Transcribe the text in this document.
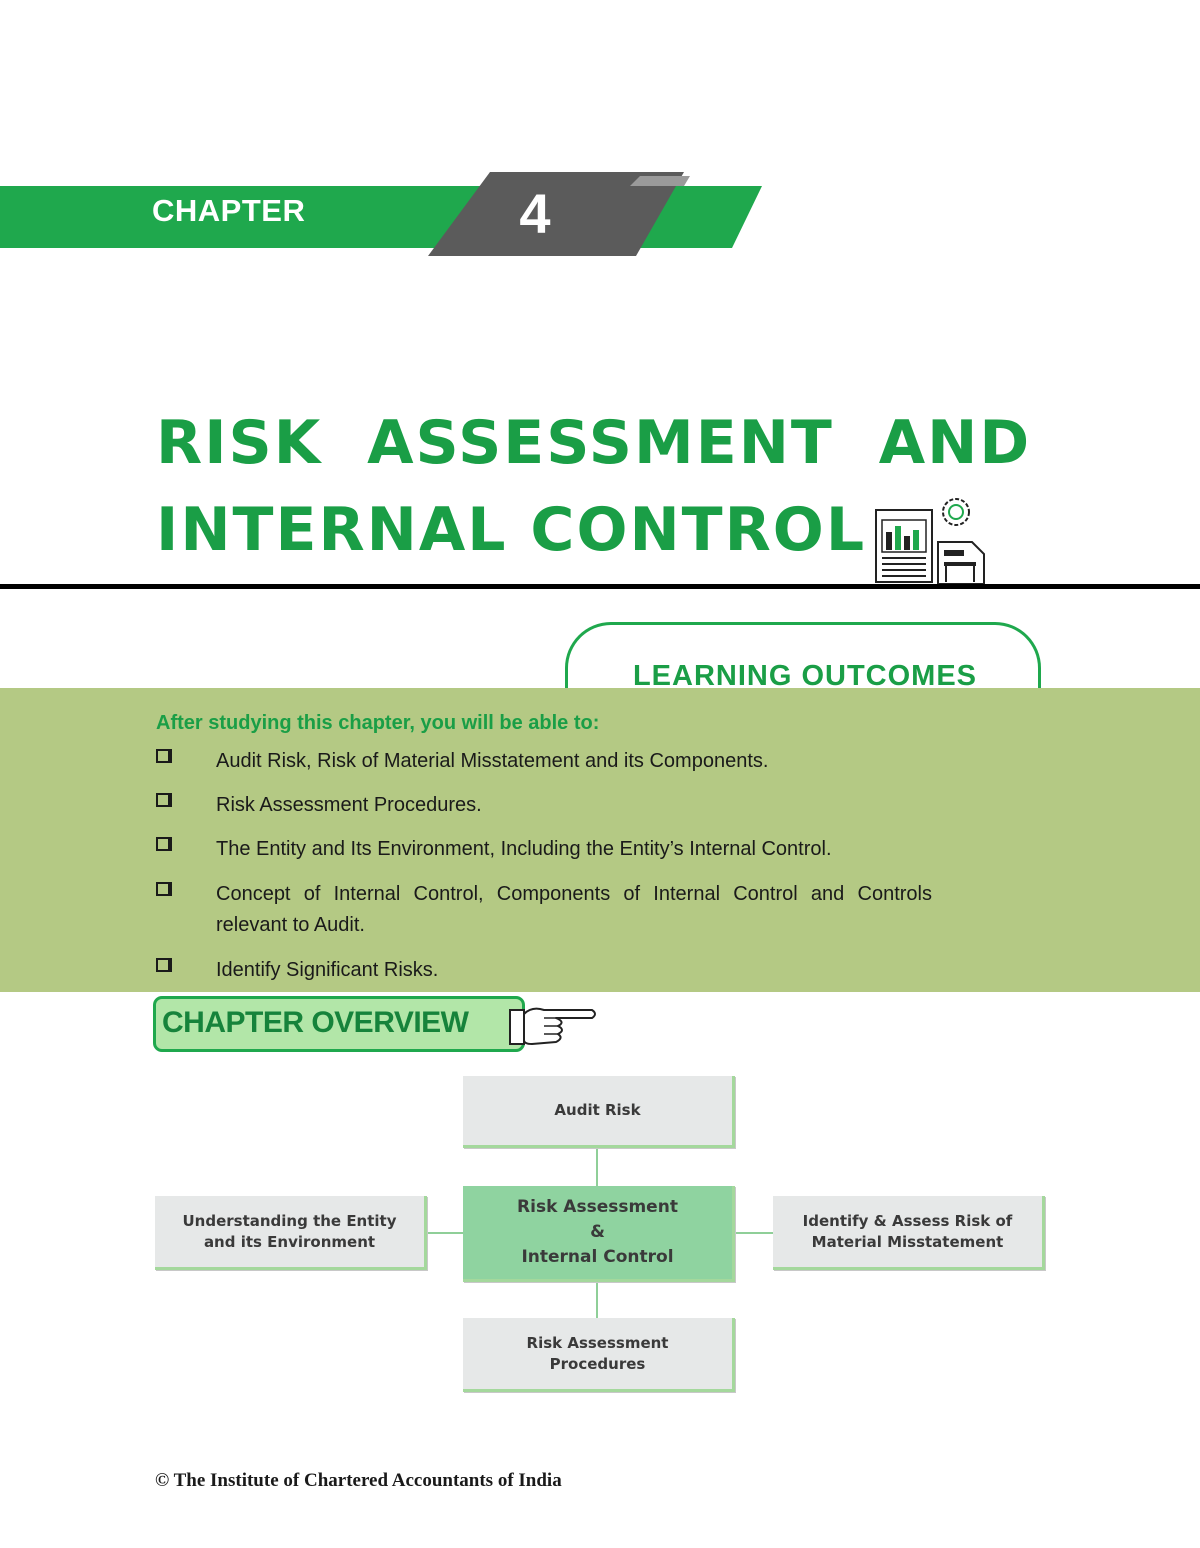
CHAPTER	4
RISK ASSESSMENT AND
INTERNAL CONTROL
LEARNING OUTCOMES
After studying this chapter, you will be able to:
Audit Risk, Risk of Material Misstatement and its Components.
Risk Assessment Procedures.
The Entity and Its Environment, Including the Entity’s Internal Control.
Concept of Internal Control, Components of Internal Control and Controls relevant to Audit.
Identify Significant Risks.
CHAPTER OVERVIEW
Audit Risk
Risk Assessment
&
Internal Control
Understanding the Entity
and its Environment
Identify & Assess Risk of
Material Misstatement
Risk Assessment
Procedures
© The Institute of Chartered Accountants of India
